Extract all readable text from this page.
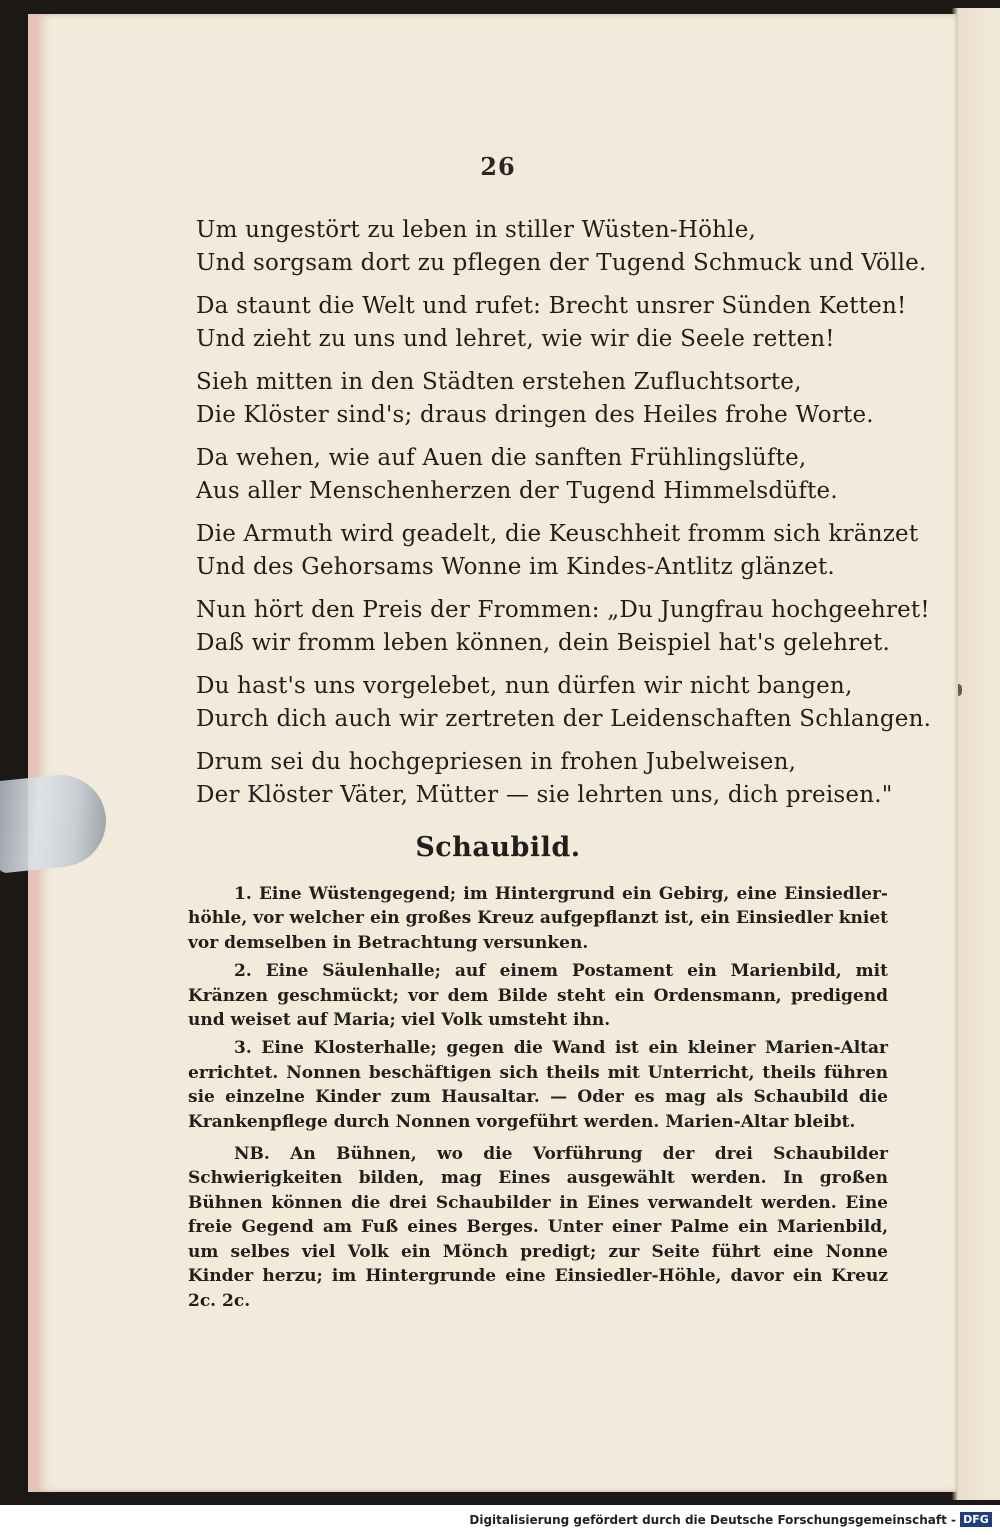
26
Um ungestört zu leben in stiller Wüsten-Höhle,
Und sorgsam dort zu pflegen der Tugend Schmuck und Völle.
Da staunt die Welt und rufet: Brecht unsrer Sünden Ketten!
Und zieht zu uns und lehret, wie wir die Seele retten!
Sieh mitten in den Städten erstehen Zufluchtsorte,
Die Klöster sind's; draus dringen des Heiles frohe Worte.
Da wehen, wie auf Auen die sanften Frühlingslüfte,
Aus aller Menschenherzen der Tugend Himmelsdüfte.
Die Armuth wird geadelt, die Keuschheit fromm sich kränzet
Und des Gehorsams Wonne im Kindes-Antlitz glänzet.
Nun hört den Preis der Frommen: „Du Jungfrau hochgeehret!
Daß wir fromm leben können, dein Beispiel hat's gelehret.
Du hast's uns vorgelebet, nun dürfen wir nicht bangen,
Durch dich auch wir zertreten der Leidenschaften Schlangen.
Drum sei du hochgepriesen in frohen Jubelweisen,
Der Klöster Väter, Mütter — sie lehrten uns, dich preisen."
Schaubild.

1. Eine Wüstengegend; im Hintergrund ein Gebirg, eine Einsiedler-höhle, vor welcher ein großes Kreuz aufgepflanzt ist, ein Einsiedler kniet vor demselben in Betrachtung versunken.

2. Eine Säulenhalle; auf einem Postament ein Marienbild, mit Kränzen geschmückt; vor dem Bilde steht ein Ordensmann, predigend und weiset auf Maria; viel Volk umsteht ihn.

3. Eine Klosterhalle; gegen die Wand ist ein kleiner Marien-Altar errichtet. Nonnen beschäftigen sich theils mit Unterricht, theils führen sie einzelne Kinder zum Hausaltar. — Oder es mag als Schaubild die Krankenpflege durch Nonnen vorgeführt werden. Marien-Altar bleibt.

NB. An Bühnen, wo die Vorführung der drei Schaubilder Schwierigkeiten bilden, mag Eines ausgewählt werden. In großen Bühnen können die drei Schaubilder in Eines verwandelt werden. Eine freie Gegend am Fuß eines Berges. Unter einer Palme ein Marienbild, um selbes viel Volk ein Mönch predigt; zur Seite führt eine Nonne Kinder herzu; im Hintergrunde eine Einsiedler-Höhle, davor ein Kreuz 2c. 2c.

Digitalisierung gefördert durch die Deutsche Forschungsgemeinschaft - DFG
